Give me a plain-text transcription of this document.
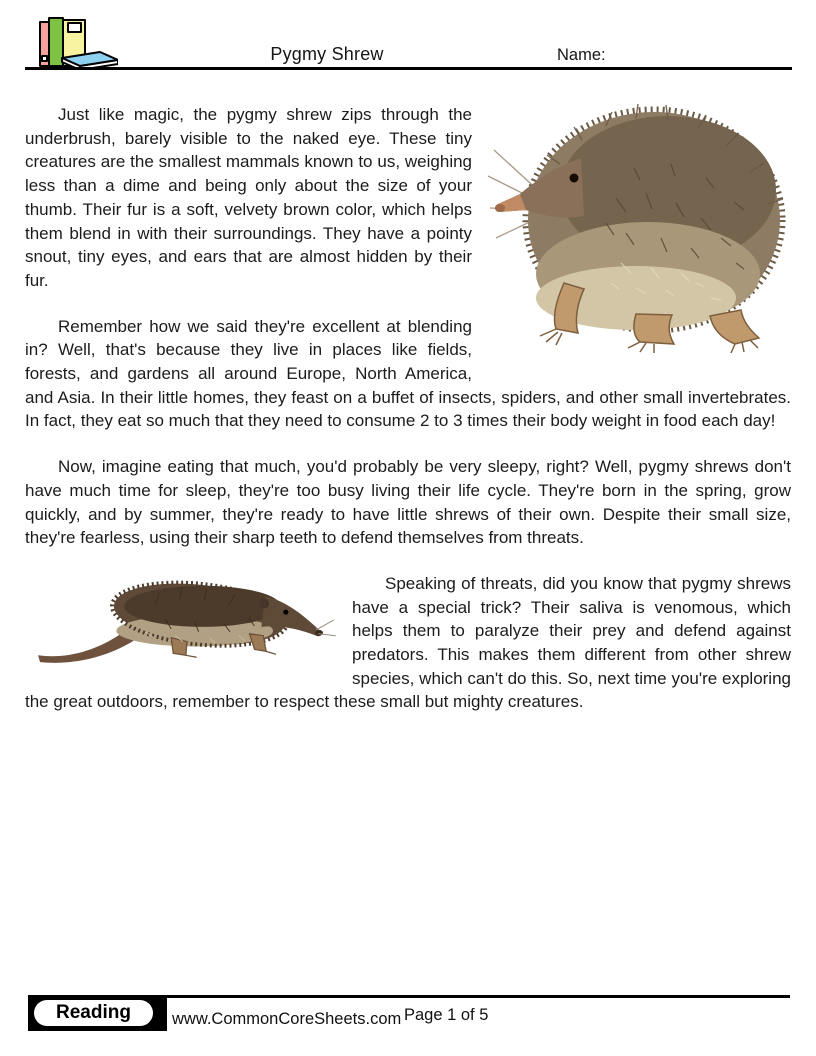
Pygmy Shrew	Name:

Just like magic, the pygmy shrew zips through the underbrush, barely visible to the naked eye. These tiny creatures are the smallest mammals known to us, weighing less than a dime and being only about the size of your thumb. Their fur is a soft, velvety brown color, which helps them blend in with their surroundings. They have a pointy snout, tiny eyes, and ears that are almost hidden by their fur.

Remember how we said they're excellent at blending in? Well, that's because they live in places like fields, forests, and gardens all around Europe, North America, and Asia. In their little homes, they feast on a buffet of insects, spiders, and other small invertebrates. In fact, they eat so much that they need to consume 2 to 3 times their body weight in food each day!

Now, imagine eating that much, you'd probably be very sleepy, right? Well, pygmy shrews don't have much time for sleep, they're too busy living their life cycle. They're born in the spring, grow quickly, and by summer, they're ready to have little shrews of their own. Despite their small size, they're fearless, using their sharp teeth to defend themselves from threats.

Speaking of threats, did you know that pygmy shrews have a special trick? Their saliva is venomous, which helps them to paralyze their prey and defend against predators. This makes them different from other shrew species, which can't do this. So, next time you're exploring the great outdoors, remember to respect these small but mighty creatures.

Reading	www.CommonCoreSheets.com Page 1 of 5
